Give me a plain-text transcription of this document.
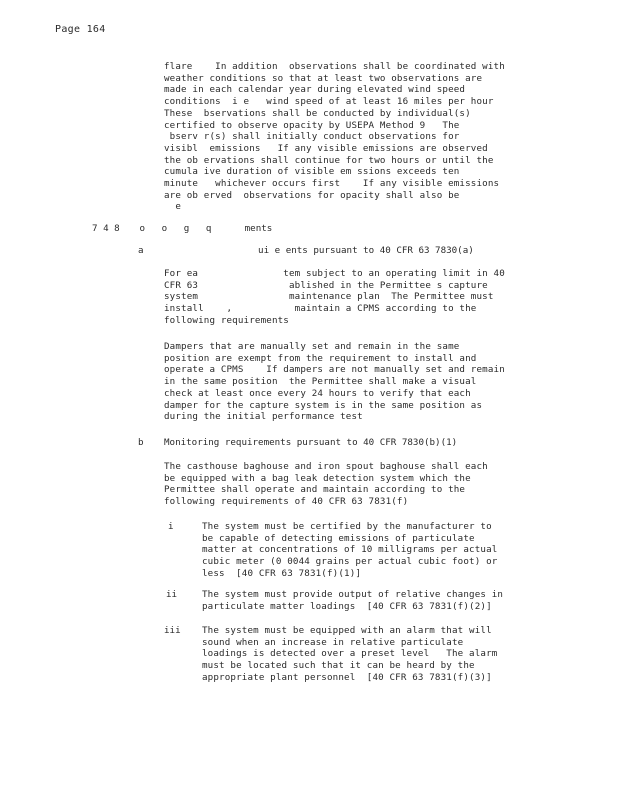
Page 164
flare    In addition  observations shall be coordinated with
weather conditions so that at least two observations are
made in each calendar year during elevated wind speed
conditions  i e   wind speed of at least 16 miles per hour
These  bservations shall be conducted by individual(s)
certified to observe opacity by USEPA Method 9   The
bserv r(s) shall initially conduct observations for
visibl  emissions   If any visible emissions are observed
the ob ervations shall continue for two hours or until the
cumula ive duration of visible em ssions exceeds ten
minute   whichever occurs first    If any visible emissions
are ob erved  observations for opacity shall also be
e
7 4 8 o   o   g   q      ments
a ui e ents pursuant to 40 CFR 63 7830(a)
For ea               tem subject to an operating limit in 40
CFR 63                ablished in the Permittee s capture
system                maintenance plan  The Permittee must
install    ,           maintain a CPMS according to the
following requirements
Dampers that are manually set and remain in the same
position are exempt from the requirement to install and
operate a CPMS    If dampers are not manually set and remain
in the same position  the Permittee shall make a visual
check at least once every 24 hours to verify that each
damper for the capture system is in the same position as
during the initial performance test
b Monitoring requirements pursuant to 40 CFR 7830(b)(1)
The casthouse baghouse and iron spout baghouse shall each
be equipped with a bag leak detection system which the
Permittee shall operate and maintain according to the
following requirements of 40 CFR 63 7831(f)
i	The system must be certified by the manufacturer to
be capable of detecting emissions of particulate
matter at concentrations of 10 milligrams per actual
cubic meter (0 0044 grains per actual cubic foot) or
less  [40 CFR 63 7831(f)(1)]
ii	The system must provide output of relative changes in
particulate matter loadings  [40 CFR 63 7831(f)(2)]
iii The system must be equipped with an alarm that will
sound when an increase in relative particulate
loadings is detected over a preset level   The alarm
must be located such that it can be heard by the
appropriate plant personnel  [40 CFR 63 7831(f)(3)]
